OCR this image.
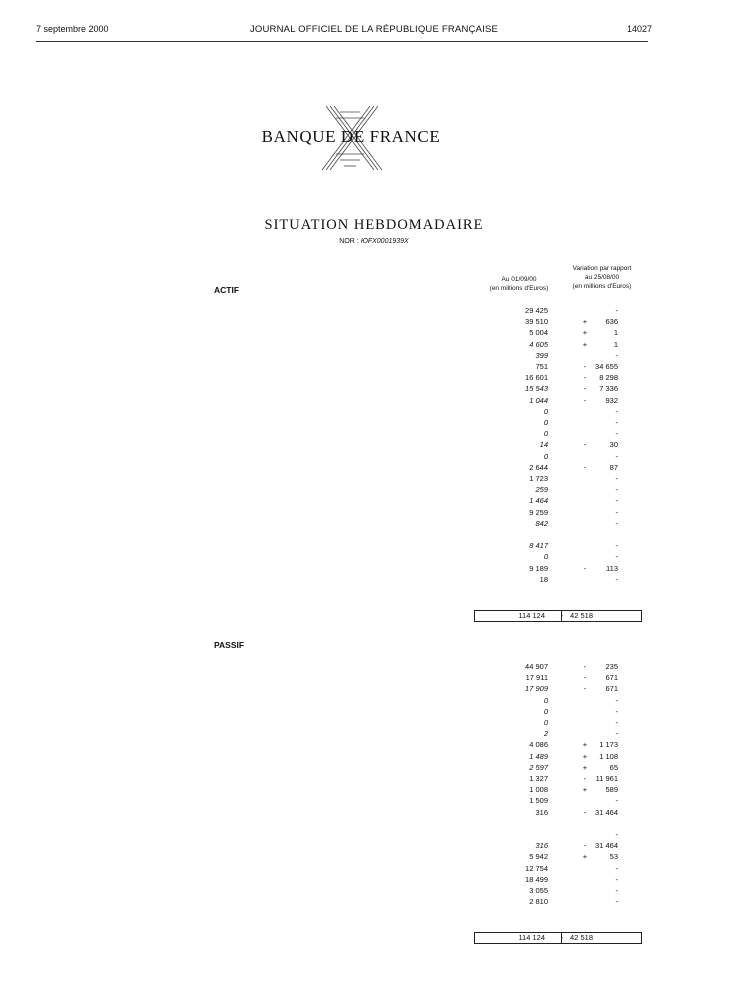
7 septembre 2000	JOURNAL OFFICIEL DE LA RÉPUBLIQUE FRANÇAISE	14027
BANQUE DE FRANCE
SITUATION HEBDOMADAIRE
NOR : ЮFX0001939X
Au 01/09/00
(en millions d'Euros)
Variation par rapport
au 25/08/00
(en millions d'Euros)
ACTIF
29 425	-
39 510	+	636
5 004	+	1
4 605	+	1
399	-
751	-	34 655
16 601	-	8 298
15 543	-	7 336
1 044	-	932
0	-
0	-
0	-
14	-	30
0	-
2 644	-	87
1 723	-
259	-
1 464	-
9 259	-
842	-
8 417	-
0	-
9 189	-	113
18	-
114 124	- 42 518
PASSIF
44 907	-	235
17 911	-	671
17 909	-	671
0	-
0	-
0	-
2	-
4 086	+	1 173
1 489	+	1 108
2 597	+	65
1 327	-	11 961
1 008	+	589
1 509	-
316	-	31 464
-
316	-	31 464
5 942	+	53
12 754	-
18 499	-
3 055	-
2 810	-
114 124	- 42 518
